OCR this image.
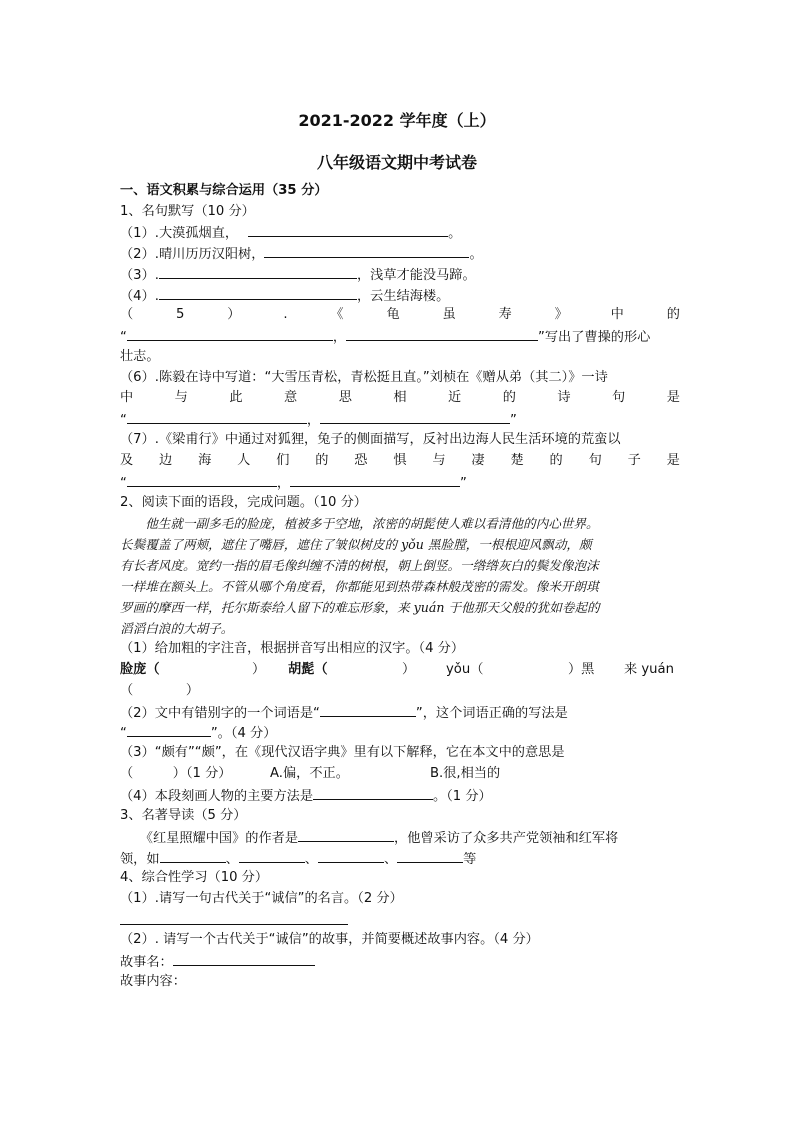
2021-2022 学年度（上）
八年级语文期中考试卷
一、语文积累与综合运用（35 分）
1、名句默写（10 分）
（1）.大漠孤烟直，	。
（2）.晴川历历汉阳树，	。
（3）.	，浅草才能没马蹄。
（4）.	，云生结海楼。
（	5	）	.	《	龟	虽	寿	》	中	的
“	，	”写出了曹操的形心
壮志。
（6）.陈毅在诗中写道：“大雪压青松，青松挺且直。”刘桢在《赠从弟（其二）》一诗
中	与	此	意	思	相	近	的	诗	句	是
“	，	”
（7）.《梁甫行》中通过对狐狸，兔子的侧面描写，反衬出边海人民生活环境的荒蛮以
及 边 海 人 们 的 恐 惧 与 凄 楚 的 句 子 是
“	，	”
2、阅读下面的语段，完成问题。（10 分）
　　他生就一副多毛的脸庞，植被多于空地，浓密的胡髭使人难以看清他的内心世界。
长鬓覆盖了两颊，遮住了嘴唇，遮住了皱似树皮的 yǒu 黑脸膛，一根根迎风飘动，颇
有长者风度。宽约一指的眉毛像纠缠不清的树根，朝上倒竖。一绺绺灰白的鬓发像泡沫
一样堆在额头上。不管从哪个角度看，你都能见到热带森林般茂密的需发。像米开朗琪
罗画的摩西一样，托尔斯泰给人留下的难忘形象，来 yuán 于他那天父般的犹如卷起的
滔滔白浪的大胡子。
（1）给加粗的字注音，根据拼音写出相应的汉字。（4 分）
脸庞（	） 胡髭（	） yǒu（	）黑 来 yuán
（　　　　）
（2）文中有错别字的一个词语是“	”，这个词语正确的写法是
“	”。（4 分）
（3）“颇有”“颇”，在《现代汉语字典》里有以下解释，它在本文中的意思是
（　　　）（1 分）	A.偏，不正。	B.很,相当的
（4）本段刻画人物的主要方法是	。（1 分）
3、名著导读（5 分）
　　《红星照耀中国》的作者是	，他曾采访了众多共产党领袖和红军将
领，如	、	、	、	等
4、综合性学习（10 分）
（1）.请写一句古代关于“诚信”的名言。（2 分）
（2）. 请写一个古代关于“诚信”的故事，并简要概述故事内容。（4 分）
故事名：
故事内容：
